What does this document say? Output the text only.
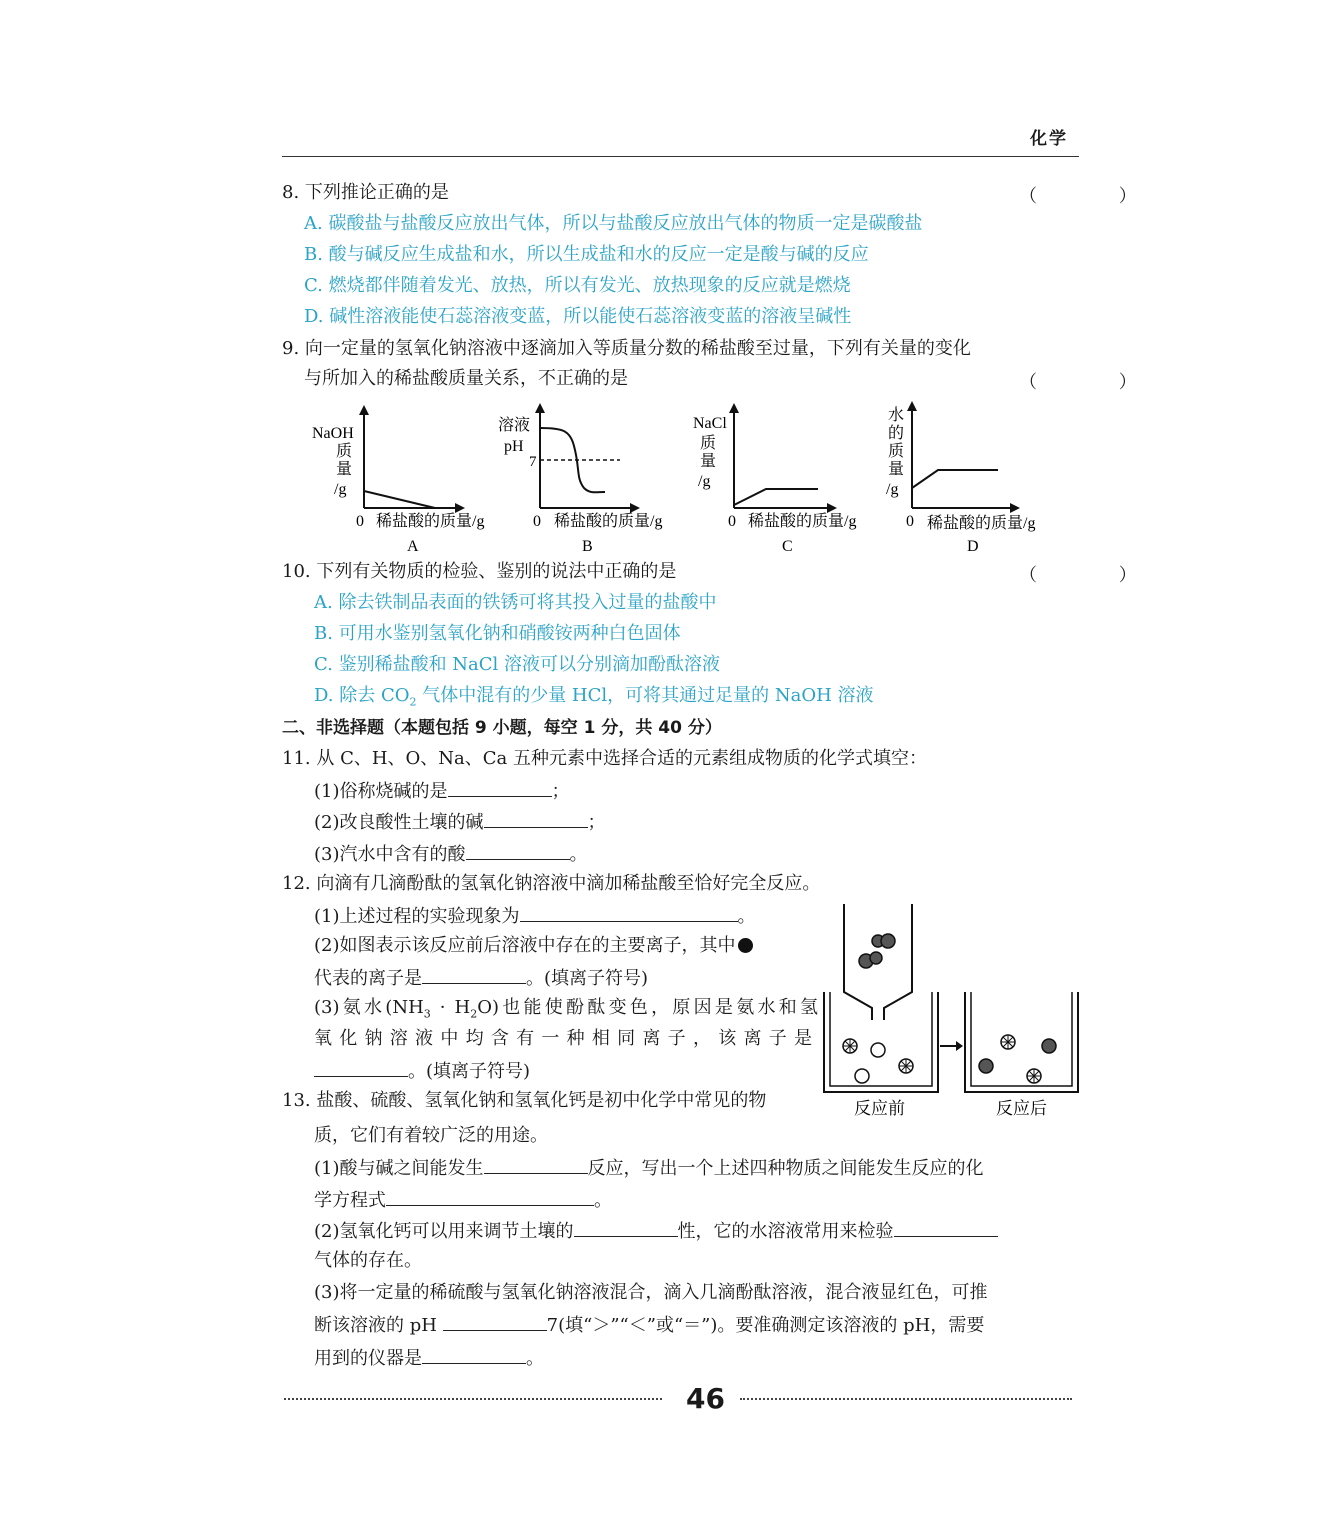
化学
8. 下列推论正确的是	（ ）
A. 碳酸盐与盐酸反应放出气体，所以与盐酸反应放出气体的物质一定是碳酸盐
B. 酸与碱反应生成盐和水，所以生成盐和水的反应一定是酸与碱的反应
C. 燃烧都伴随着发光、放热，所以有发光、放热现象的反应就是燃烧
D. 碱性溶液能使石蕊溶液变蓝，所以能使石蕊溶液变蓝的溶液呈碱性
9. 向一定量的氢氧化钠溶液中逐滴加入等质量分数的稀盐酸至过量，下列有关量的变化
与所加入的稀盐酸质量关系，不正确的是	（ ）
NaOH
质
量
/g
0 稀盐酸的质量/g
A
溶液
pH
7
0 稀盐酸的质量/g
B
NaCl
质
量
/g
0 稀盐酸的质量/g
C
水
的
质
量
/g
0 稀盐酸的质量/g
D
10. 下列有关物质的检验、鉴别的说法中正确的是	（ ）
A. 除去铁制品表面的铁锈可将其投入过量的盐酸中
B. 可用水鉴别氢氧化钠和硝酸铵两种白色固体
C. 鉴别稀盐酸和 NaCl 溶液可以分别滴加酚酞溶液
D. 除去 $CO_2$ 气体中混有的少量 HCl，可将其通过足量的 NaOH 溶液
二、非选择题（本题包括 9 小题，每空 1 分，共 40 分）
11. 从 C、H、O、Na、Ca 五种元素中选择合适的元素组成物质的化学式填空：
(1)俗称烧碱的是	；
(2)改良酸性土壤的碱	；
(3)汽水中含有的酸	。
12. 向滴有几滴酚酞的氢氧化钠溶液中滴加稀盐酸至恰好完全反应。
(1)上述过程的实验现象为	。
(2)如图表示该反应前后溶液中存在的主要离子，其中
代表的离子是	。(填离子符号)
(3)氨水$(NH_3 \cdot H_2O)$也能使酚酞变色，原因是氨水和氢
氧化钠溶液中均含有一种相同离子，该离子是
。(填离子符号)
反应前	反应后
13. 盐酸、硫酸、氢氧化钠和氢氧化钙是初中化学中常见的物
质，它们有着较广泛的用途。
(1)酸与碱之间能发生	反应，写出一个上述四种物质之间能发生反应的化
学方程式	。
(2)氢氧化钙可以用来调节土壤的	性，它的水溶液常用来检验
气体的存在。
(3)将一定量的稀硫酸与氢氧化钠溶液混合，滴入几滴酚酞溶液，混合液显红色，可推
断该溶液的 pH	7(填“＞”“＜”或“＝”)。要准确测定该溶液的 pH，需要
用到的仪器是	。
46
